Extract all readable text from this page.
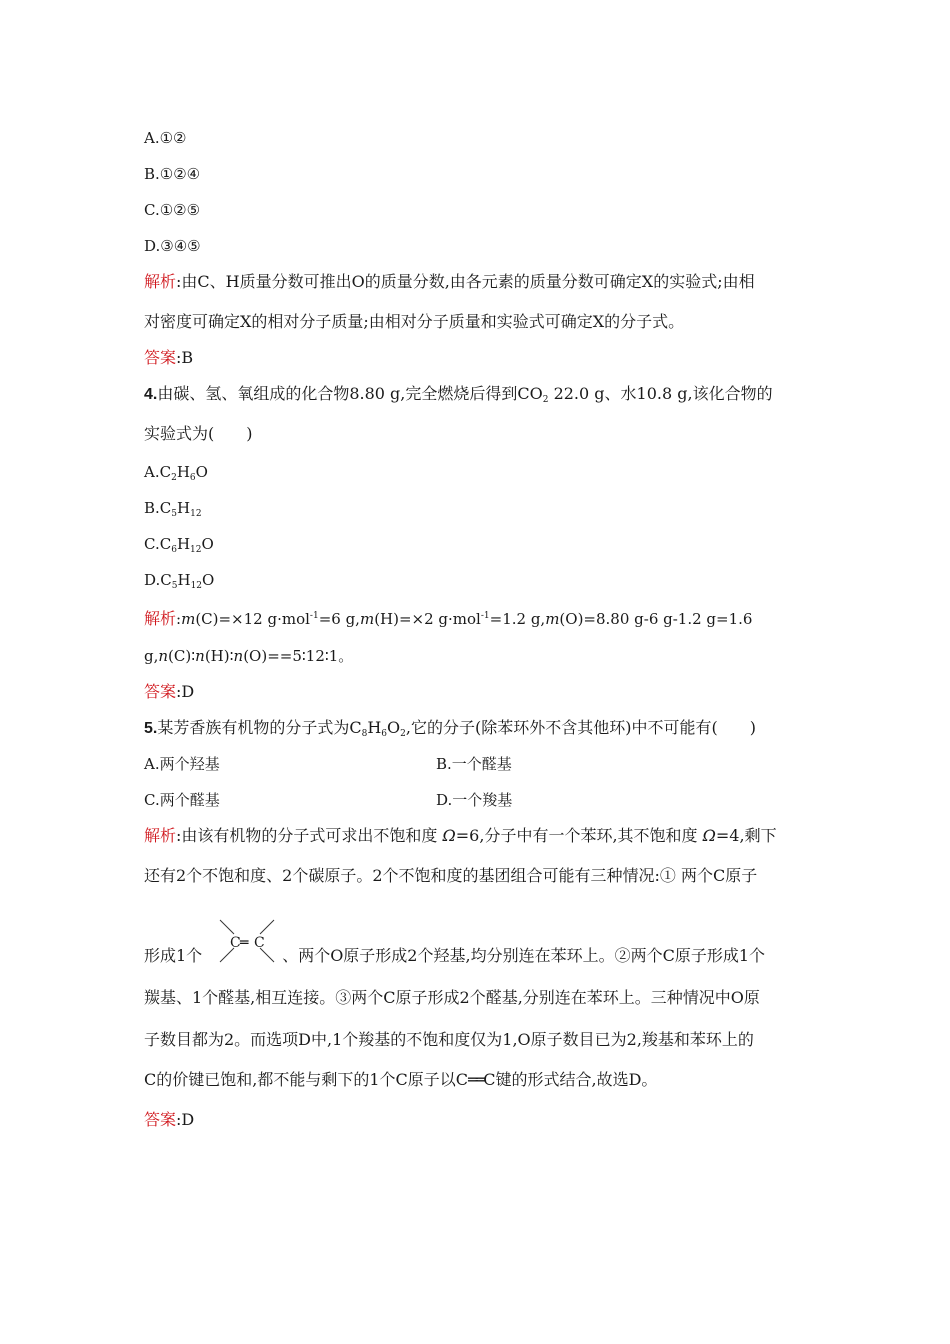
A.①②
B.①②④
C.①②⑤
D.③④⑤
解析:由C、H质量分数可推出O的质量分数,由各元素的质量分数可确定X的实验式;由相
对密度可确定X的相对分子质量;由相对分子质量和实验式可确定X的分子式。
答案:B
4.由碳、氢、氧组成的化合物8.80 g,完全燃烧后得到$CO_2$ 22.0 g、水10.8 g,该化合物的
实验式为(　　)
$A.C_2H_6O$
$B.C_5H_{12}$
$C.C_6H_{12}O$
$D.C_5H_{12}O$
解析:m(C)=×12 g·mol$^{-1}$=6 g,m(H)=×2 g·mol$^{-1}$=1.2 g,m(O)=8.80 g-6 g-1.2 g=1.6
g,n(C)∶n(H)∶n(O)==5∶12∶1。
答案:D
5.某芳香族有机物的分子式为$C_8H_6O_2$,它的分子(除苯环外不含其他环)中不可能有(　　)
A.两个羟基	B.一个醛基
C.两个醛基	D.一个羧基
解析:由该有机物的分子式可求出不饱和度 Ω=6,分子中有一个苯环,其不饱和度 Ω=4,剩下
还有2个不饱和度、2个碳原子。2个不饱和度的基团组合可能有三种情况:① 两个C原子
C ═ C
形成1个	、两个O原子形成2个羟基,均分别连在苯环上。②两个C原子形成1个
羰基、1个醛基,相互连接。③两个C原子形成2个醛基,分别连在苯环上。三种情况中O原
子数目都为2。而选项D中,1个羧基的不饱和度仅为1,O原子数目已为2,羧基和苯环上的
C的价键已饱和,都不能与剩下的1个C原子以C══C键的形式结合,故选D。
答案:D
